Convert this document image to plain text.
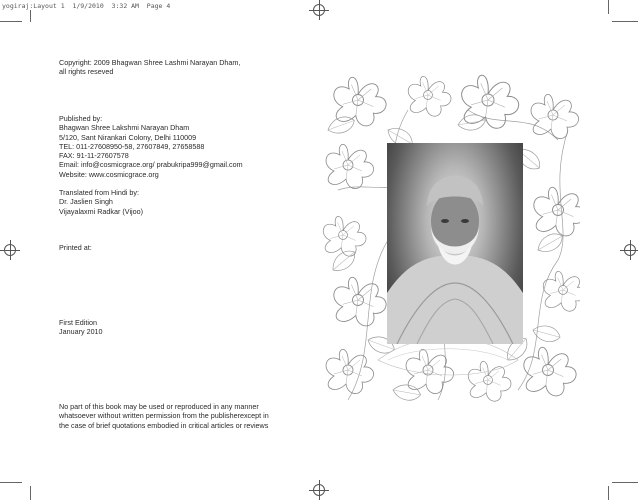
yogiraj:Layout 1  1/9/2010  3:32 AM  Page 4
Copyright: 2009 Bhagwan Shree Lashmi Narayan Dham,
all rights reseved
Published by:
Bhagwan Shree Lakshmi Narayan Dham
5/120, Sant Nirankari Colony, Delhi 110009
TEL: 011-27608950-58, 27607849, 27658588
FAX: 91-11-27607578
Email: info@cosmicgrace.org/ prabukripa999@gmail.com
Website: www.cosmicgrace.org
Translated from Hindi by:
Dr. Jaslien Singh
Vijayalaxmi Radkar (Vijoo)
Printed at:
First Edition
January 2010
No part of this book may be used or reproduced in any manner
whatsoever without written permission from the publisherexcept in
the case of brief quotations embodied in critical articles or reviews
